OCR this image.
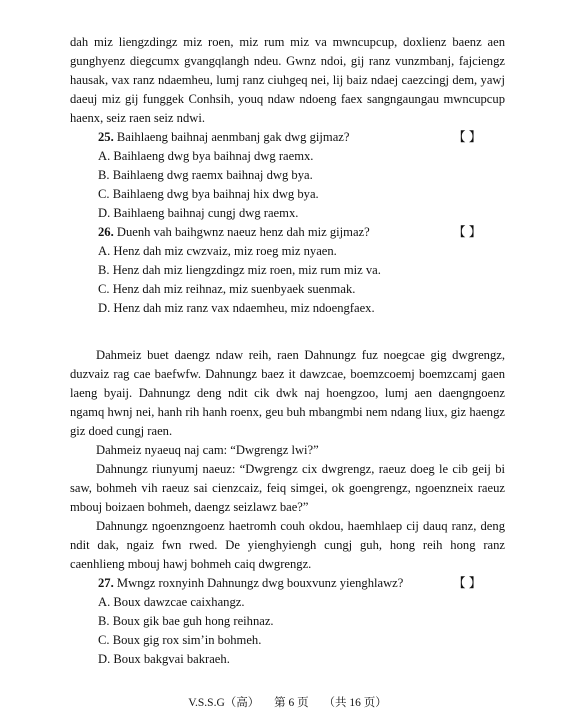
dah miz liengzdingz miz roen, miz rum miz va mwncupcup, doxlienz baenz aen gunghyenz diegcumx gvangqlangh ndeu. Gwnz ndoi, gij ranz vunzmbanj, fajciengz hausak, vax ranz ndaemheu, lumj ranz ciuhgeq nei, lij baiz ndaej caezcingj dem, yawj daeuj miz gij funggek Conhsih, youq ndaw ndoeng faex sangngaungau mwncupcup haenx, seiz raen seiz ndwi.

25. Baihlaeng baihnaj aenmbanj gak dwg gijmaz?	【 】

A. Baihlaeng dwg bya baihnaj dwg raemx.

B. Baihlaeng dwg raemx baihnaj dwg bya.

C. Baihlaeng dwg bya baihnaj hix dwg bya.

D. Baihlaeng baihnaj cungj dwg raemx.

26. Duenh vah baihgwnz naeuz henz dah miz gijmaz?	【 】

A. Henz dah miz cwzvaiz, miz roeg miz nyaen.

B. Henz dah miz liengzdingz miz roen, miz rum miz va.

C. Henz dah miz reihnaz, miz suenbyaek suenmak.

D. Henz dah miz ranz vax ndaemheu, miz ndoengfaex.

Dahmeiz buet daengz ndaw reih, raen Dahnungz fuz noegcae gig dwgrengz, duzvaiz rag cae baefwfw. Dahnungz baez it dawzcae, boemzcoemj boemzcamj gaen laeng byaij. Dahnungz deng ndit cik dwk naj hoengzoo, lumj aen daengngoenz ngamq hwnj nei, hanh rih hanh roenx, geu buh mbangmbi nem ndang liux, giz haengz giz doed cungj raen.

Dahmeiz nyaeuq naj cam: “Dwgrengz lwi?”

Dahnungz riunyumj naeuz: “Dwgrengz cix dwgrengz, raeuz doeg le cib geij bi saw, bohmeh vih raeuz sai cienzcaiz, feiq simgei, ok goengrengz, ngoenzneix raeuz mbouj boizaen bohmeh, daengz seizlawz bae?”

Dahnungz ngoenzngoenz haetromh couh okdou, haemhlaep cij dauq ranz, deng ndit dak, ngaiz fwn rwed. De yienghyiengh cungj guh, hong reih hong ranz caenhlieng mbouj hawj bohmeh caiq dwgrengz.

27. Mwngz roxnyinh Dahnungz dwg bouxvunz yienghlawz?	【 】

A. Boux dawzcae caixhangz.

B. Boux gik bae guh hong reihnaz.

C. Boux gig rox sim’in bohmeh.

D. Boux bakgvai bakraeh.

V.S.S.G（高） 第 6 页 （共 16 页）
